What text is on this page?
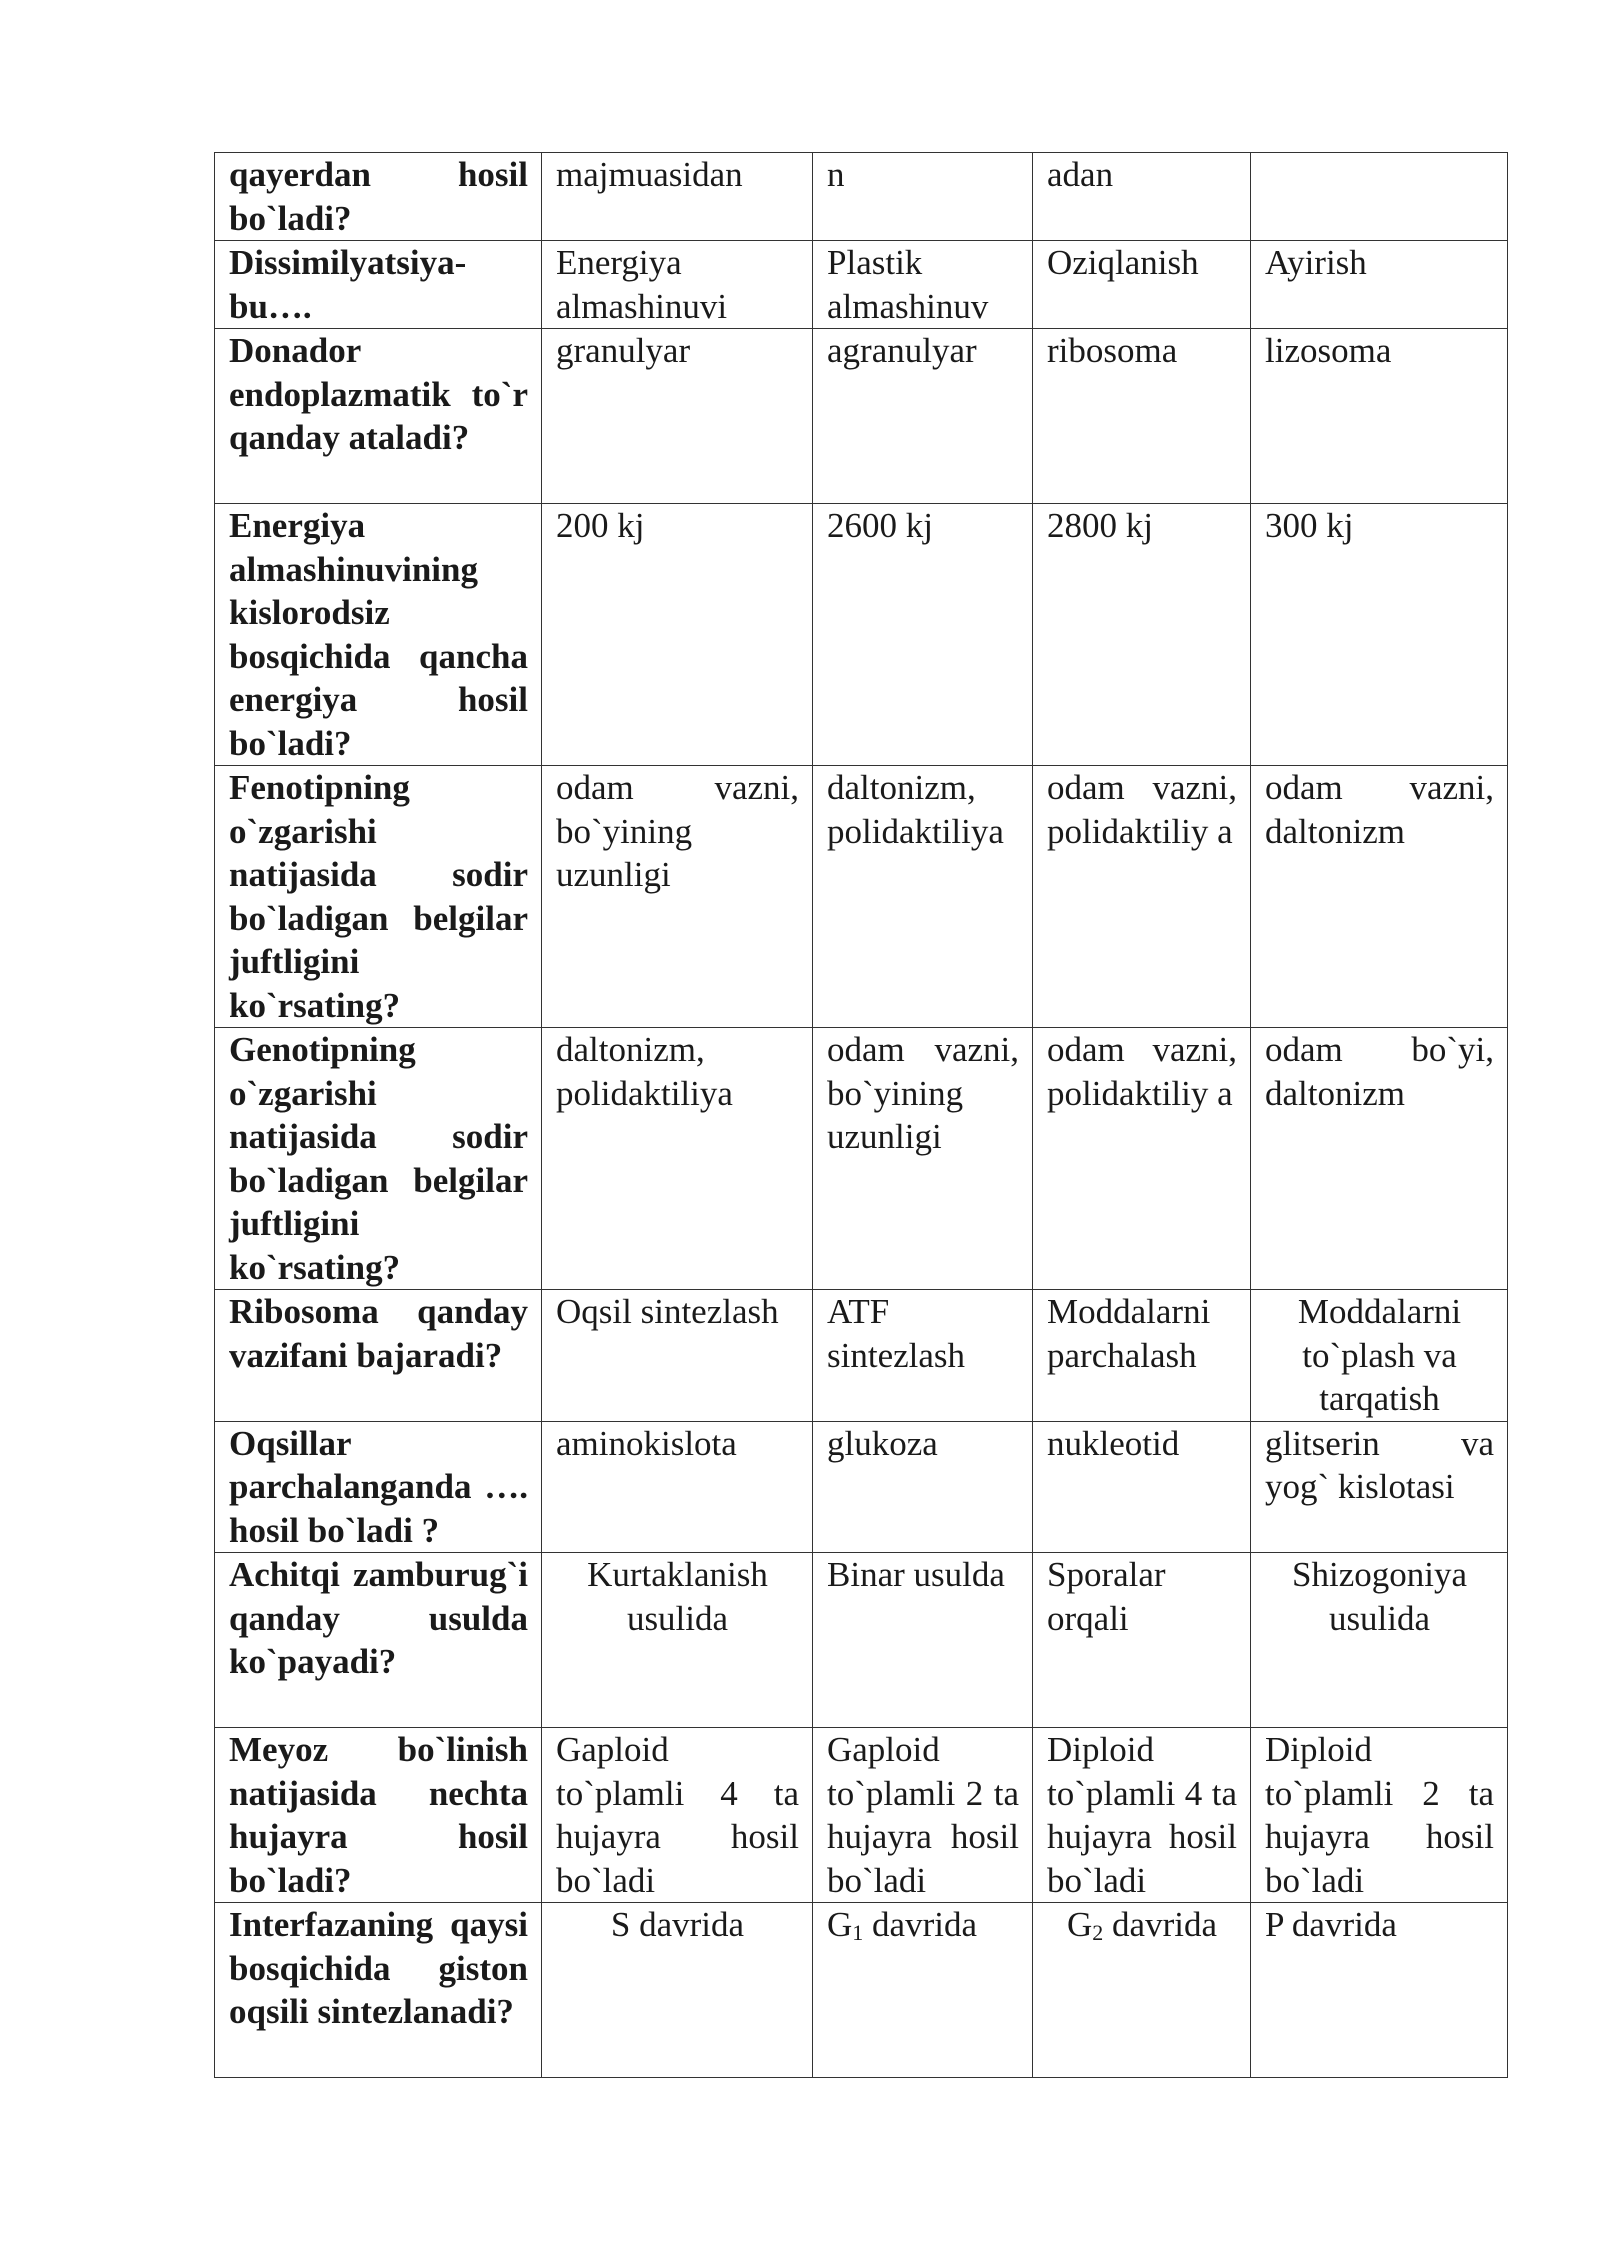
qayerdan hosil bo`ladi?	majmuasidan	n	adan	
Dissimilyatsiya- bu….	Energiya almashinuvi	Plastik almashinuv	Oziqlanish	Ayirish
Donador endoplazmatik to`r qanday ataladi?	granulyar	agranulyar	ribosoma	lizosoma
Energiya almashinuvining kislorodsiz bosqichida qancha energiya hosil bo`ladi?	200 kj	2600 kj	2800 kj	300 kj
Fenotipning o`zgarishi natijasida sodir bo`ladigan belgilar juftligini ko`rsating?	odam vazni, bo`yining uzunligi	daltonizm, polidaktiliya	odam vazni, polidaktiliy a	odam vazni, daltonizm
Genotipning o`zgarishi natijasida sodir bo`ladigan belgilar juftligini ko`rsating?	daltonizm, polidaktiliya	odam vazni, bo`yining uzunligi	odam vazni, polidaktiliy a	odam bo`yi, daltonizm
Ribosoma qanday vazifani bajaradi?	Oqsil sintezlash	ATF sintezlash	Moddalarni parchalash	Moddalarni to`plash va tarqatish
Oqsillar parchalanganda …. hosil bo`ladi ?	aminokislota	glukoza	nukleotid	glitserin va yog` kislotasi
Achitqi zamburug`i qanday usulda ko`payadi?	Kurtaklanish usulida	Binar usulda	Sporalar orqali	Shizogoniya usulida
Meyoz bo`linish natijasida nechta hujayra hosil bo`ladi?	Gaploid to`plamli 4 ta hujayra hosil bo`ladi	Gaploid to`plamli 2 ta hujayra hosil bo`ladi	Diploid to`plamli 4 ta hujayra hosil bo`ladi	Diploid to`plamli 2 ta hujayra hosil bo`ladi
Interfazaning qaysi bosqichida giston oqsili sintezlanadi?	S davrida	G1 davrida	G2 davrida	P davrida
